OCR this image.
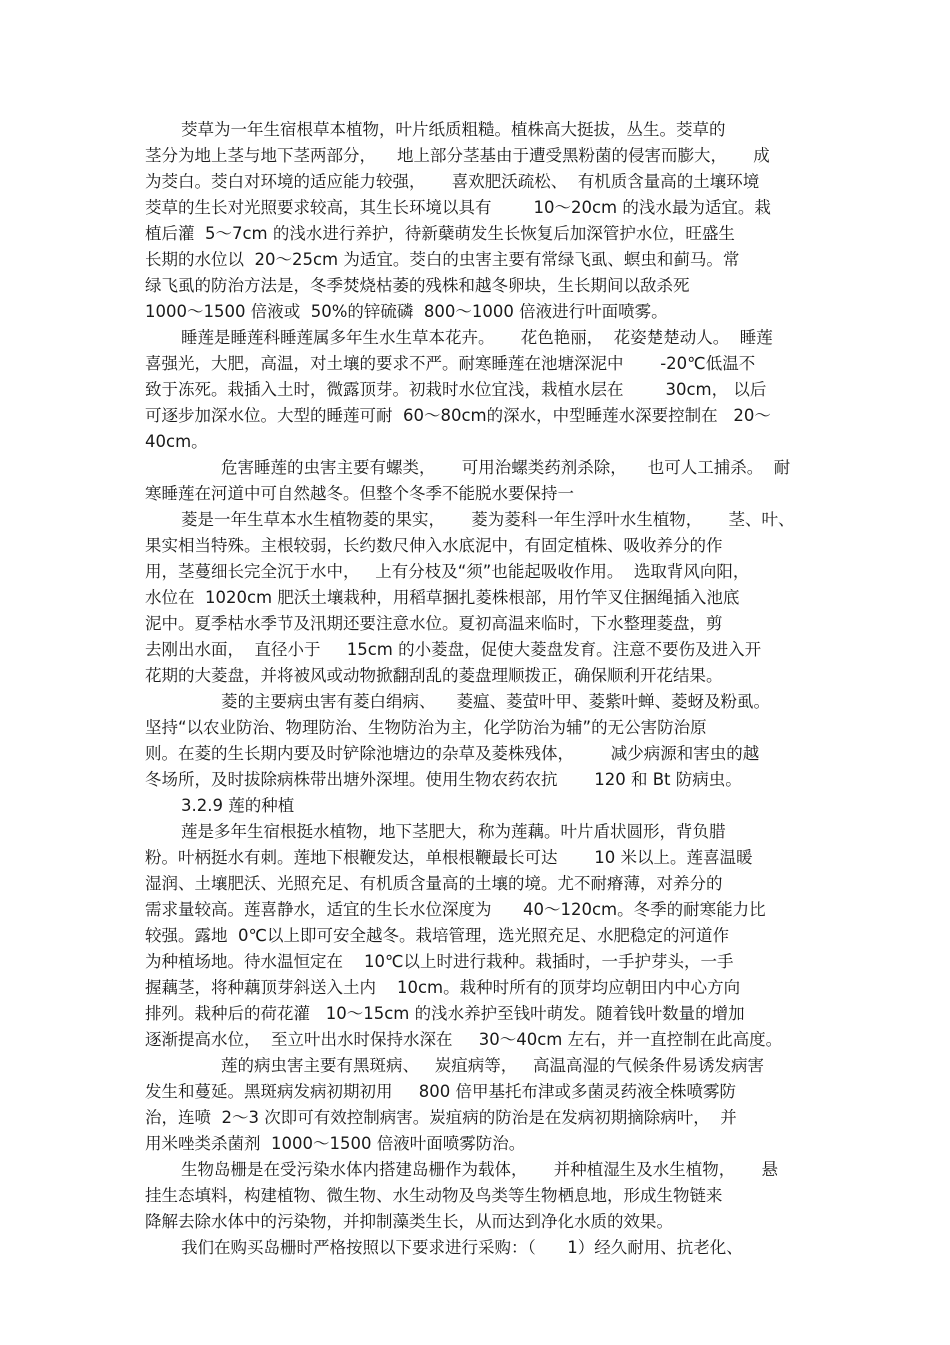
茭草为一年生宿根草本植物，叶片纸质粗糙。植株高大挺拔，丛生。茭草的
茎分为地上茎与地下茎两部分，    地上部分茎基由于遭受黑粉菌的侵害而膨大，     成
为茭白。茭白对环境的适应能力较强，     喜欢肥沃疏松、  有机质含量高的土壤环境
茭草的生长对光照要求较高，其生长环境以具有        10～20cm 的浅水最为适宜。栽
植后灌  5～7cm 的浅水进行养护，待新蘖萌发生长恢复后加深管护水位，旺盛生
长期的水位以  20～25cm 为适宜。茭白的虫害主要有常绿飞虱、螟虫和蓟马。常
绿飞虱的防治方法是，冬季焚烧枯萎的残株和越冬卵块，生长期间以敌杀死
1000～1500 倍液或  50%的锌硫磷  800～1000 倍液进行叶面喷雾。
睡莲是睡莲科睡莲属多年生水生草本花卉。     花色艳丽，  花姿楚楚动人。  睡莲
喜强光，大肥，高温，对土壤的要求不严。耐寒睡莲在池塘深泥中       -20℃低温不
致于冻死。栽插入土时，微露顶芽。初栽时水位宜浅，栽植水层在        30cm， 以后
可逐步加深水位。大型的睡莲可耐  60～80cm的深水，中型睡莲水深要控制在   20～
40cm。
危害睡莲的虫害主要有螺类，     可用治螺类药剂杀除，    也可人工捕杀。  耐
寒睡莲在河道中可自然越冬。但整个冬季不能脱水要保持一
菱是一年生草本水生植物菱的果实，     菱为菱科一年生浮叶水生植物，     茎、叶、
果实相当特殊。主根较弱，长约数尺伸入水底泥中，有固定植株、吸收养分的作
用，茎蔓细长完全沉于水中，   上有分枝及“须”也能起吸收作用。  选取背风向阳，
水位在  1020cm 肥沃土壤栽种，用稻草捆扎菱株根部，用竹竿叉住捆绳插入池底
泥中。夏季枯水季节及汛期还要注意水位。夏初高温来临时，下水整理菱盘，剪
去刚出水面，  直径小于     15cm 的小菱盘，促使大菱盘发育。注意不要伤及进入开
花期的大菱盘，并将被风或动物掀翻刮乱的菱盘理顺拨正，确保顺利开花结果。
菱的主要病虫害有菱白绢病、    菱瘟、菱萤叶甲、菱紫叶蝉、菱蚜及粉虱。
坚持“以农业防治、物理防治、生物防治为主，化学防治为辅”的无公害防治原
则。在菱的生长期内要及时铲除池塘边的杂草及菱株残体，       减少病源和害虫的越
冬场所，及时拔除病株带出塘外深埋。使用生物农药农抗       120 和 Bt 防病虫。
3.2.9 莲的种植
莲是多年生宿根挺水植物，地下茎肥大，称为莲藕。叶片盾状圆形，背负腊
粉。叶柄挺水有刺。莲地下根鞭发达，单根根鞭最长可达       10 米以上。莲喜温暖
湿润、土壤肥沃、光照充足、有机质含量高的土壤的境。尤不耐瘠薄，对养分的
需求量较高。莲喜静水，适宜的生长水位深度为      40～120cm。冬季的耐寒能力比
较强。露地  0℃以上即可安全越冬。栽培管理，选光照充足、水肥稳定的河道作
为种植场地。待水温恒定在    10℃以上时进行栽种。栽插时，一手护芽头，一手
握藕茎，将种藕顶芽斜送入土内    10cm。栽种时所有的顶芽均应朝田内中心方向
排列。栽种后的荷花灌   10～15cm 的浅水养护至钱叶萌发。随着钱叶数量的增加
逐渐提高水位，  至立叶出水时保持水深在     30～40cm 左右，并一直控制在此高度。
莲的病虫害主要有黑斑病、   炭疽病等，   高温高湿的气候条件易诱发病害
发生和蔓延。黑斑病发病初期初用     800 倍甲基托布津或多菌灵药液全株喷雾防
治，连喷  2～3 次即可有效控制病害。炭疽病的防治是在发病初期摘除病叶，  并
用米唑类杀菌剂  1000～1500 倍液叶面喷雾防治。
生物岛栅是在受污染水体内搭建岛栅作为载体，     并种植湿生及水生植物，     悬
挂生态填料，构建植物、微生物、水生动物及鸟类等生物栖息地，形成生物链来
降解去除水体中的污染物，并抑制藻类生长，从而达到净化水质的效果。
我们在购买岛栅时严格按照以下要求进行采购：（      1）经久耐用、抗老化、
